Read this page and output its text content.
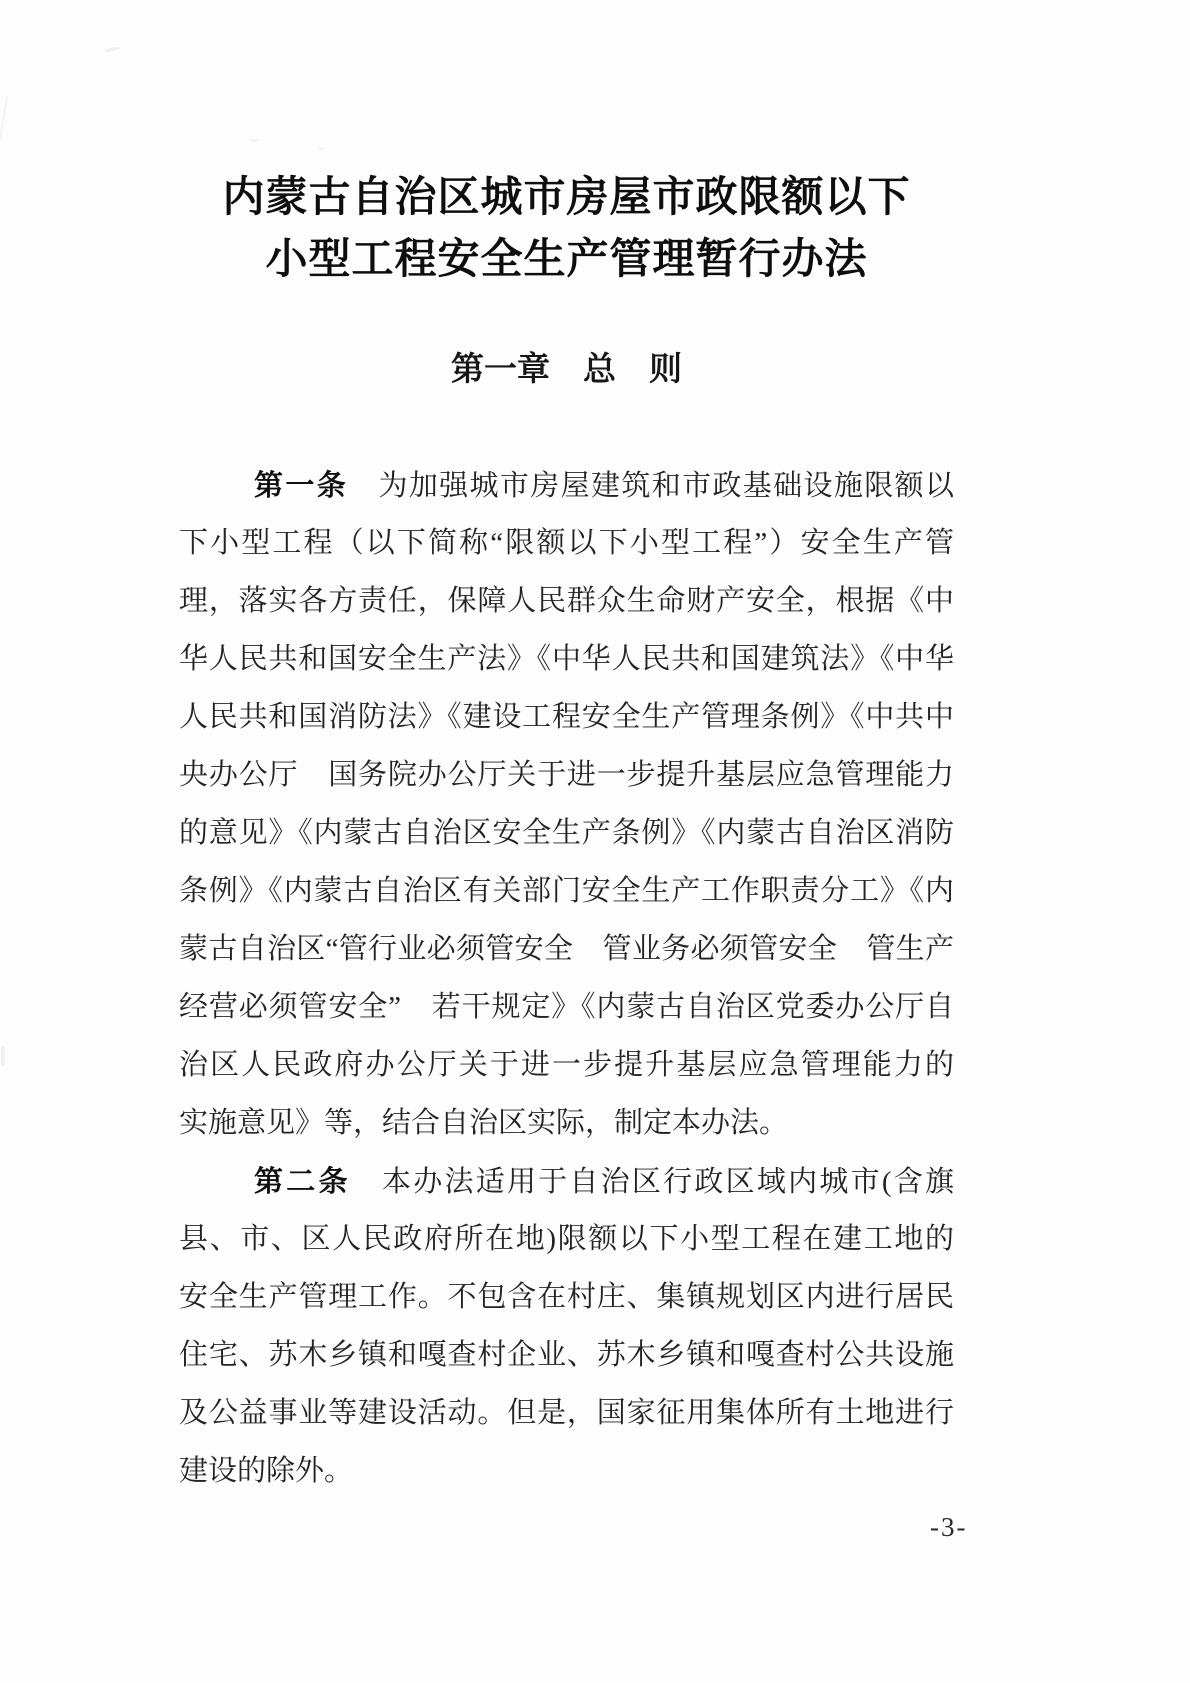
内蒙古自治区城市房屋市政限额以下
小型工程安全生产管理暂行办法
第一章　总　则
第一条　为加强城市房屋建筑和市政基础设施限额以
下小型工程（以下简称“限额以下小型工程”）安全生产管
理，落实各方责任，保障人民群众生命财产安全，根据《中
华人民共和国安全生产法》《中华人民共和国建筑法》《中华
人民共和国消防法》《建设工程安全生产管理条例》《中共中
央办公厅　国务院办公厅关于进一步提升基层应急管理能力
的意见》《内蒙古自治区安全生产条例》《内蒙古自治区消防
条例》《内蒙古自治区有关部门安全生产工作职责分工》《内
蒙古自治区“管行业必须管安全　管业务必须管安全　管生产
经营必须管安全”　若干规定》《内蒙古自治区党委办公厅自
治区人民政府办公厅关于进一步提升基层应急管理能力的
实施意见》等，结合自治区实际，制定本办法。
第二条　本办法适用于自治区行政区域内城市(含旗
县、市、区人民政府所在地)限额以下小型工程在建工地的
安全生产管理工作。不包含在村庄、集镇规划区内进行居民
住宅、苏木乡镇和嘎查村企业、苏木乡镇和嘎查村公共设施
及公益事业等建设活动。但是，国家征用集体所有土地进行
建设的除外。
-3-
